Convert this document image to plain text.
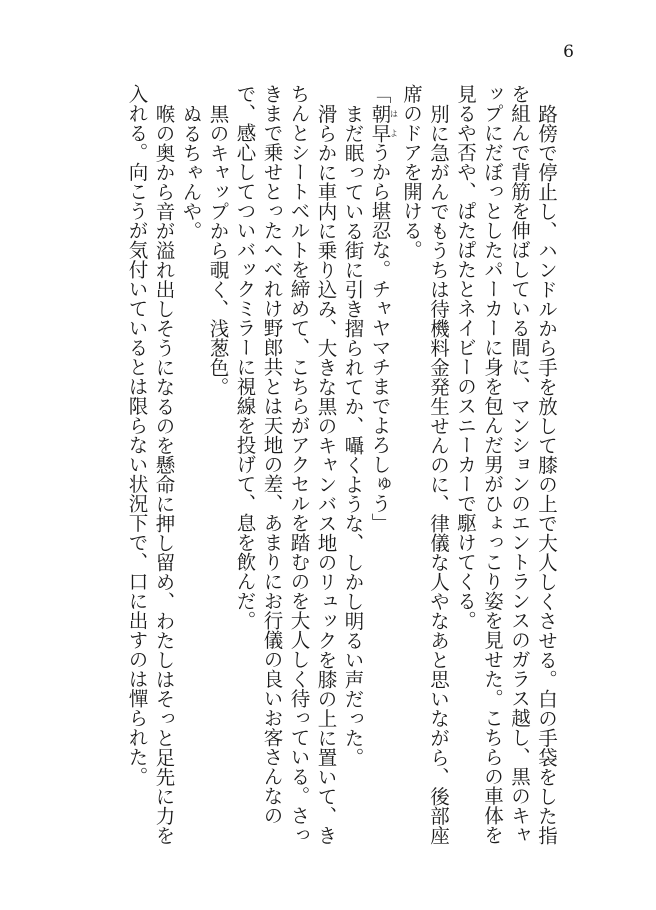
6

路傍で停止し、ハンドルから手を放して膝の上で大人しくさせる。白の手袋をした指を組んで背筋を伸ばしている間に、マンションのエントランスのガラス越し、黒のキャップにだぼっとしたパーカーに身を包んだ男がひょっこり姿を見せた。こちらの車体を見るや否や、ぱたぱたとネイビーのスニーカーで駆けてくる。

別に急がんでもうちは待機料金発生せんのに、律儀な人やなあと思いながら、後部座席のドアを開ける。

「朝早はようから堪忍な。チャヤマチまでよろしゅう」

まだ眠っている街に引き摺られてか、囁くような、しかし明るい声だった。

滑らかに車内に乗り込み、大きな黒のキャンバス地のリュックを膝の上に置いて、きちんとシートベルトを締めて、こちらがアクセルを踏むのを大人しく待っている。さっきまで乗せとったへべれけ野郎共とは天地の差、あまりにお行儀の良いお客さんなので、感心してついバックミラーに視線を投げて、息を飲んだ。

黒のキャップから覗く、浅葱色。

ぬるちゃんや。

喉の奥から音が溢れ出しそうになるのを懸命に押し留め、わたしはそっと足先に力を入れる。向こうが気付いているとは限らない状況下で、口に出すのは憚られた。
